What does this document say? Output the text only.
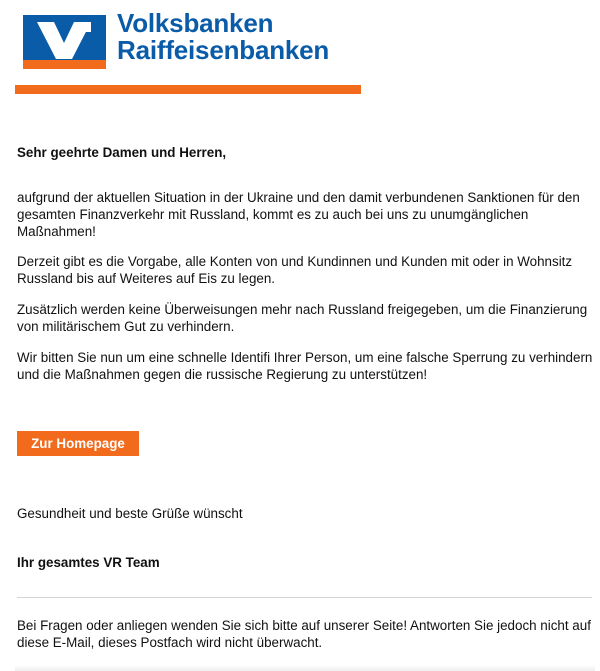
Volksbanken
Raiffeisenbanken
Sehr geehrte Damen und Herren,
aufgrund der aktuellen Situation in der Ukraine und den damit verbundenen Sanktionen für den gesamten Finanzverkehr mit Russland, kommt es zu auch bei uns zu unumgänglichen Maßnahmen!
Derzeit gibt es die Vorgabe, alle Konten von und Kundinnen und Kunden mit oder in Wohnsitz Russland bis auf Weiteres auf Eis zu legen.
Zusätzlich werden keine Überweisungen mehr nach Russland freigegeben, um die Finanzierung von militärischem Gut zu verhindern.
Wir bitten Sie nun um eine schnelle Identifi Ihrer Person, um eine falsche Sperrung zu verhindern und die Maßnahmen gegen die russische Regierung zu unterstützen!
Zur Homepage
Gesundheit und beste Grüße wünscht
Ihr gesamtes VR Team
Bei Fragen oder anliegen wenden Sie sich bitte auf unserer Seite! Antworten Sie jedoch nicht auf diese E-Mail, dieses Postfach wird nicht überwacht.
